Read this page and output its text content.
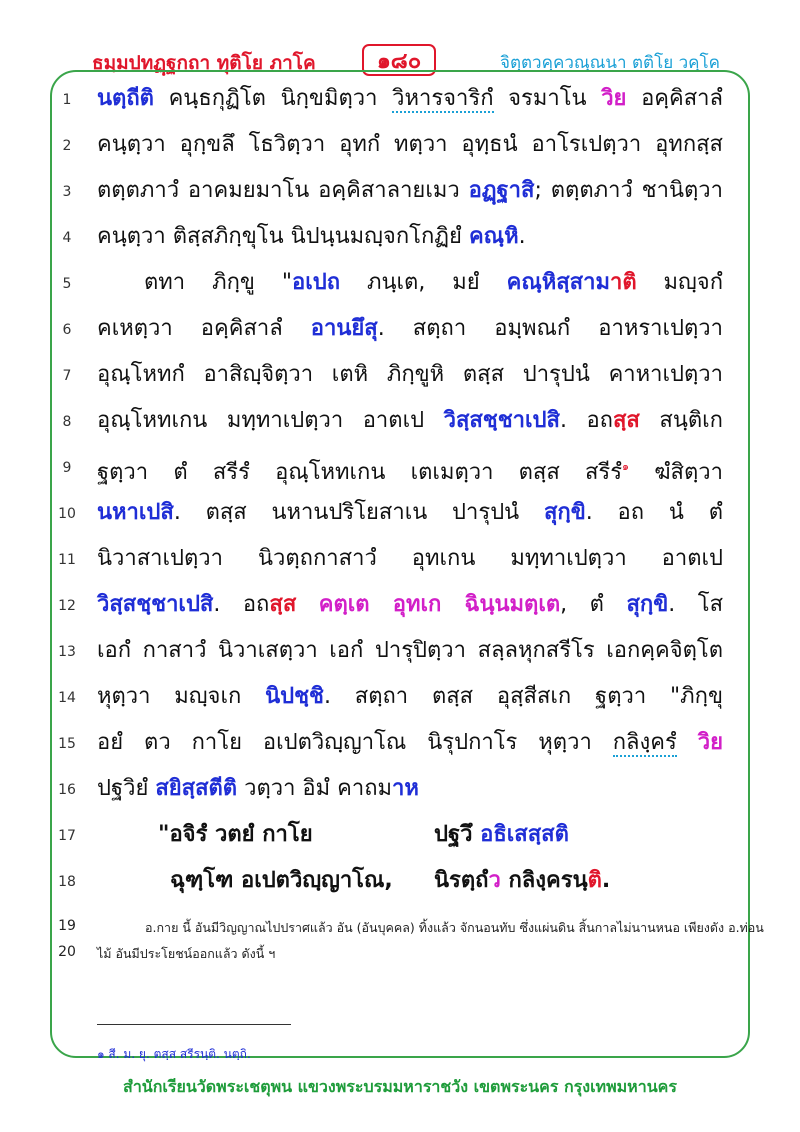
ธมฺมปทฏฺฐกถา ทุติโย ภาโค	๑๘๐	จิตฺตวคฺควณฺณนา ตติโย วคฺโค
1 นตฺถีติ คนฺธกุฏิโต นิกฺขมิตฺวา วิหารจาริกํ จรมาโน วิย อคฺคิสาลํ
2 คนฺตฺวา อุกฺขลึ โธวิตฺวา อุทกํ ทตฺวา อุทฺธนํ อาโรเปตฺวา อุทกสฺส
3 ตตฺตภาวํ อาคมยมาโน อคฺคิสาลายเมว อฏฺฐาสิ; ตตฺตภาวํ ชานิตฺวา
4 คนฺตฺวา ติสฺสภิกฺขุโน นิปนฺนมญฺจกโกฏิยํ คณฺหิ.
5	ตทา ภิกฺขู "อเปถ ภนฺเต, มยํ คณฺหิสฺสามาติ มญฺจกํ
6 คเหตฺวา อคฺคิสาลํ อานยึสุ. สตฺถา อมฺพณกํ อาหราเปตฺวา
7 อุณฺโหทกํ อาสิญฺจิตฺวา เตหิ ภิกฺขูหิ ตสฺส ปารุปนํ คาหาเปตฺวา
8 อุณฺโหทเกน มทฺทาเปตฺวา อาตเป วิสฺสชฺชาเปสิ. อถสฺส สนฺติเก
9 ฐตฺวา ตํ สรีรํ อุณฺโหทเกน เตเมตฺวา ตสฺส สรีรํ$^๑$ ฆํสิตฺวา
10 นหาเปสิ. ตสฺส นหานปริโยสาเน ปารุปนํ สุกฺขิ. อถ นํ ตํ
11 นิวาสาเปตฺวา นิวตฺถกาสาวํ อุทเกน มทฺทาเปตฺวา อาตเป
12 วิสฺสชฺชาเปสิ. อถสฺส คตฺเต อุทเก ฉินฺนมตฺเต, ตํ สุกฺขิ. โส
13 เอกํ กาสาวํ นิวาเสตฺวา เอกํ ปารุปิตฺวา สลฺลหุกสรีโร เอกคฺคจิตฺโต
14 หุตฺวา มญฺจเก นิปชฺชิ. สตฺถา ตสฺส อุสฺสีสเก ฐตฺวา "ภิกฺขุ
15 อยํ ตว กาโย อเปตวิญฺญาโณ นิรุปกาโร หุตฺวา กลิงฺครํ วิย
16 ปฐวิยํ สยิสฺสตีติ วตฺวา อิมํ คาถมาห
17	"อจิรํ วตยํ กาโย	ปฐวึ อธิเสสฺสติ
18	ฉุฑฺโฑ อเปตวิญฺญาโณ, นิรตฺถํว กลิงฺครนฺติ.
19	อ.กาย นี้ อันมีวิญญาณไปปราศแล้ว อัน (อันบุคคล) ทิ้งแล้ว จักนอนทับ ซึ่งแผ่นดิน สิ้นกาลไม่นานหนอ เพียงดัง อ.ท่อน
20 ไม้ อันมีประโยชน์ออกแล้ว ดังนี้ ฯ
๑ สี. ม. ยุ. ตสฺส สรีรนฺติ. นตฺถิ.
สำนักเรียนวัดพระเชตุพน แขวงพระบรมมหาราชวัง เขตพระนคร กรุงเทพมหานคร
